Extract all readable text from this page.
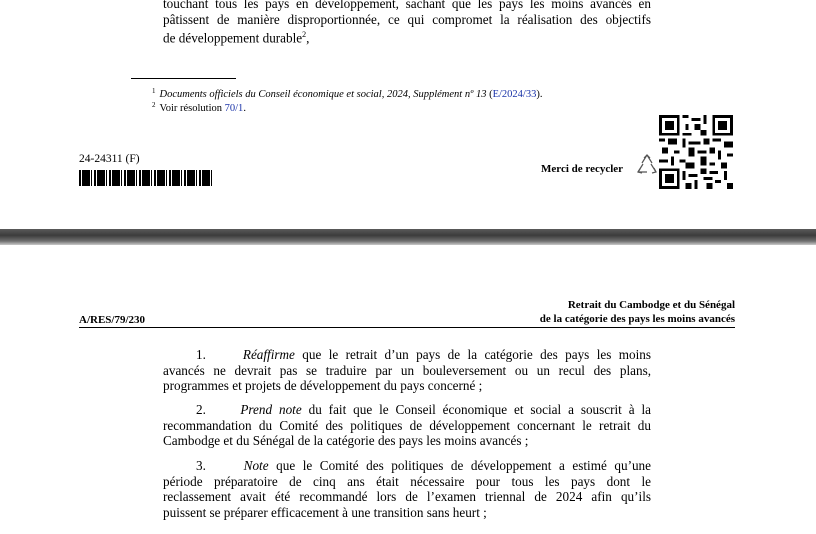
touchant tous les pays en développement, sachant que les pays les moins avancés en
pâtissent de manière disproportionnée, ce qui compromet la réalisation des objectifs
de développement durable$^2$,
$^1$ Documents officiels du Conseil économique et social, 2024, Supplément nº 13 (E/2024/33).
$^2$ Voir résolution 70/1.
24-24311 (F)
Merci de recycler
A/RES/79/230
Retrait du Cambodge et du Sénégal
de la catégorie des pays les moins avancés
1.	Réaffirme que le retrait d’un pays de la catégorie des pays les moins
avancés ne devrait pas se traduire par un bouleversement ou un recul des plans,
programmes et projets de développement du pays concerné ;
2.	Prend note du fait que le Conseil économique et social a souscrit à la
recommandation du Comité des politiques de développement concernant le retrait du
Cambodge et du Sénégal de la catégorie des pays les moins avancés ;
3.	Note que le Comité des politiques de développement a estimé qu’une
période préparatoire de cinq ans était nécessaire pour tous les pays dont le
reclassement avait été recommandé lors de l’examen triennal de 2024 afin qu’ils
puissent se préparer efficacement à une transition sans heurt ;
